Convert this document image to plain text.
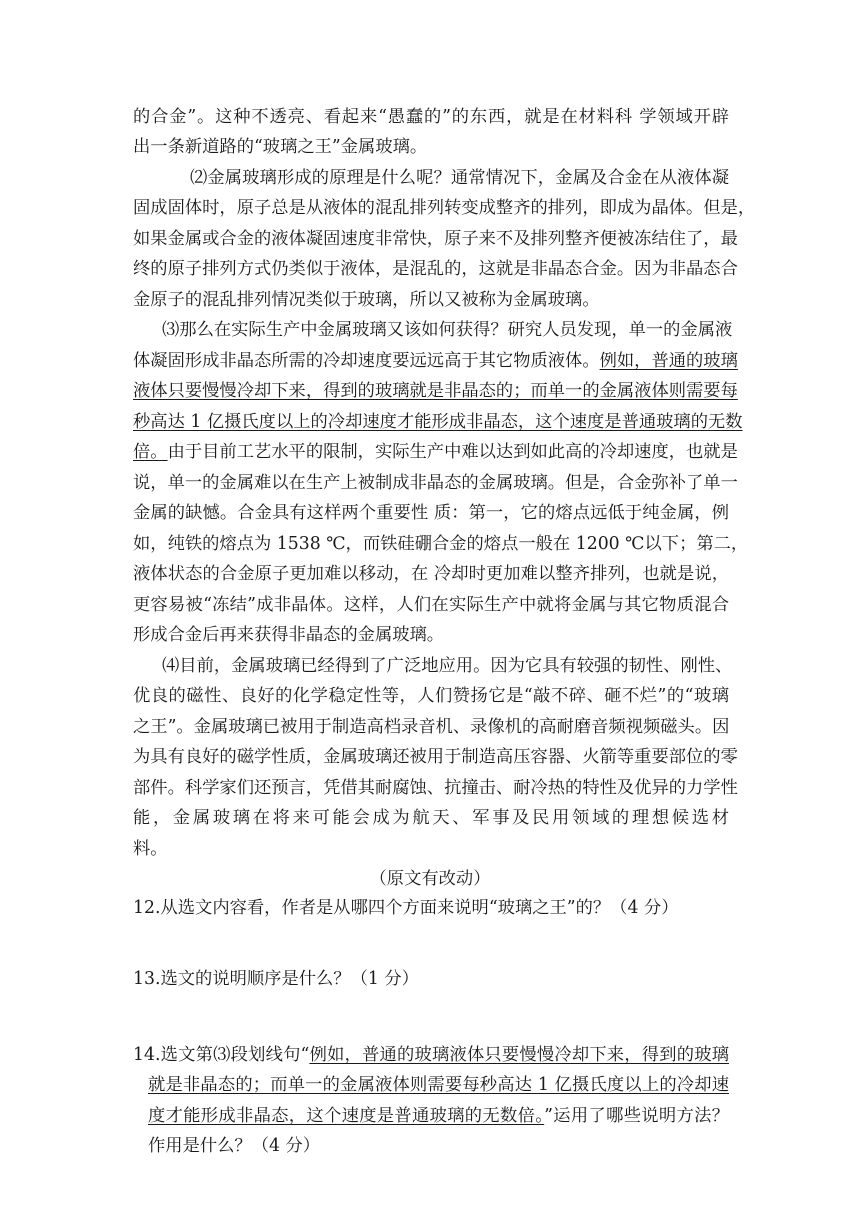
的合金”。这种不透亮、看起来“愚蠢的”的东西，就是在材料科 学领域开辟
出一条新道路的“玻璃之王”金属玻璃。
⑵金属玻璃形成的原理是什么呢？通常情况下，金属及合金在从液体凝
固成固体时，原子总是从液体的混乱排列转变成整齐的排列，即成为晶体。但是，
如果金属或合金的液体凝固速度非常快，原子来不及排列整齐便被冻结住了，最
终的原子排列方式仍类似于液体，是混乱的，这就是非晶态合金。因为非晶态合
金原子的混乱排列情况类似于玻璃，所以又被称为金属玻璃。
⑶那么在实际生产中金属玻璃又该如何获得？研究人员发现，单一的金属液
体凝固形成非晶态所需的冷却速度要远远高于其它物质液体。例如，普通的玻璃
液体只要慢慢冷却下来，得到的玻璃就是非晶态的；而单一的金属液体则需要每
秒高达 1 亿摄氏度以上的冷却速度才能形成非晶态，这个速度是普通玻璃的无数
倍。由于目前工艺水平的限制，实际生产中难以达到如此高的冷却速度，也就是
说，单一的金属难以在生产上被制成非晶态的金属玻璃。但是，合金弥补了单一
金属的缺憾。合金具有这样两个重要性 质：第一，它的熔点远低于纯金属，例
如，纯铁的熔点为 1538 ℃，而铁硅硼合金的熔点一般在 1200 ℃以下；第二，
液体状态的合金原子更加难以移动，在 冷却时更加难以整齐排列，也就是说，
更容易被“冻结”成非晶体。这样，人们在实际生产中就将金属与其它物质混合
形成合金后再来获得非晶态的金属玻璃。
⑷目前，金属玻璃已经得到了广泛地应用。因为它具有较强的韧性、刚性、
优良的磁性、良好的化学稳定性等，人们赞扬它是“敲不碎、砸不烂”的“玻璃
之王”。金属玻璃已被用于制造高档录音机、录像机的高耐磨音频视频磁头。因
为具有良好的磁学性质，金属玻璃还被用于制造高压容器、火箭等重要部位的零
部件。科学家们还预言，凭借其耐腐蚀、抗撞击、耐冷热的特性及优异的力学性
能，金属玻璃在将来可能会成为航天、军事及民用领域的理想候选材
料。
（原文有改动）
12.从选文内容看，作者是从哪四个方面来说明“玻璃之王”的？（4 分）
13.选文的说明顺序是什么？（1 分）
14.选文第⑶段划线句“例如，普通的玻璃液体只要慢慢冷却下来，得到的玻璃
就是非晶态的；而单一的金属液体则需要每秒高达 1 亿摄氏度以上的冷却速
度才能形成非晶态，这个速度是普通玻璃的无数倍。”运用了哪些说明方法？
作用是什么？（4 分）
